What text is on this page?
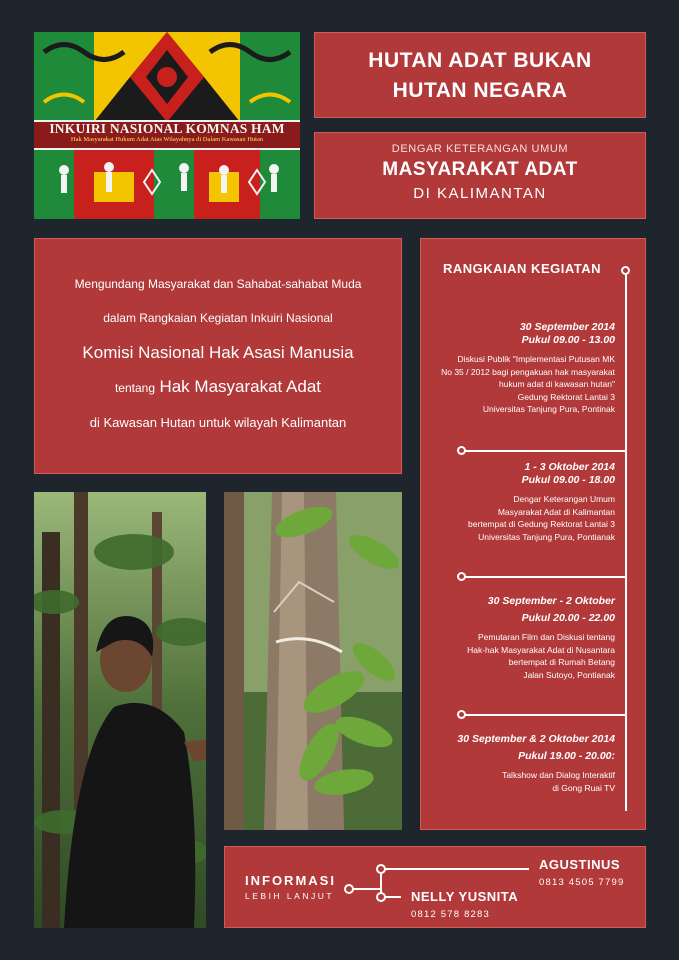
INKUIRI NASIONAL KOMNAS HAM
Hak Masyarakat Hukum Adat Atas Wilayahnya di Dalam Kawasan Hutan
HUTAN ADAT BUKAN
HUTAN NEGARA
DENGAR KETERANGAN UMUM
MASYARAKAT ADAT
DI KALIMANTAN
Mengundang Masyarakat dan Sahabat-sahabat Muda
dalam Rangkaian Kegiatan Inkuiri Nasional
Komisi Nasional Hak Asasi Manusia
tentang Hak Masyarakat Adat
di Kawasan Hutan untuk wilayah Kalimantan
RANGKAIAN KEGIATAN
30 September 2014
Pukul 09.00 - 13.00
Diskusi Publik "Implementasi Putusan MK
No 35 / 2012 bagi pengakuan hak masyarakat
hukum adat di kawasan hutan"
Gedung Rektorat Lantai 3
Universitas Tanjung Pura, Pontinak
1 - 3 Oktober 2014
Pukul 09.00 - 18.00
Dengar Keterangan Umum
Masyarakat Adat di Kalimantan
bertempat di Gedung Rektorat Lantai 3
Universitas Tanjung Pura, Pontianak
30 September - 2 Oktober
Pukul 20.00 - 22.00
Pemutaran Film dan Diskusi tentang
Hak-hak Masyarakat Adat di Nusantara
bertempat di Rumah Betang
Jalan Sutoyo, Pontianak
30 September & 2 Oktober 2014
Pukul 19.00 - 20.00:
Talkshow dan Dialog Interaktif
di Gong Ruai TV
INFORMASI
LEBIH LANJUT
AGUSTINUS
0813 4505 7799
NELLY YUSNITA
0812 578 8283
